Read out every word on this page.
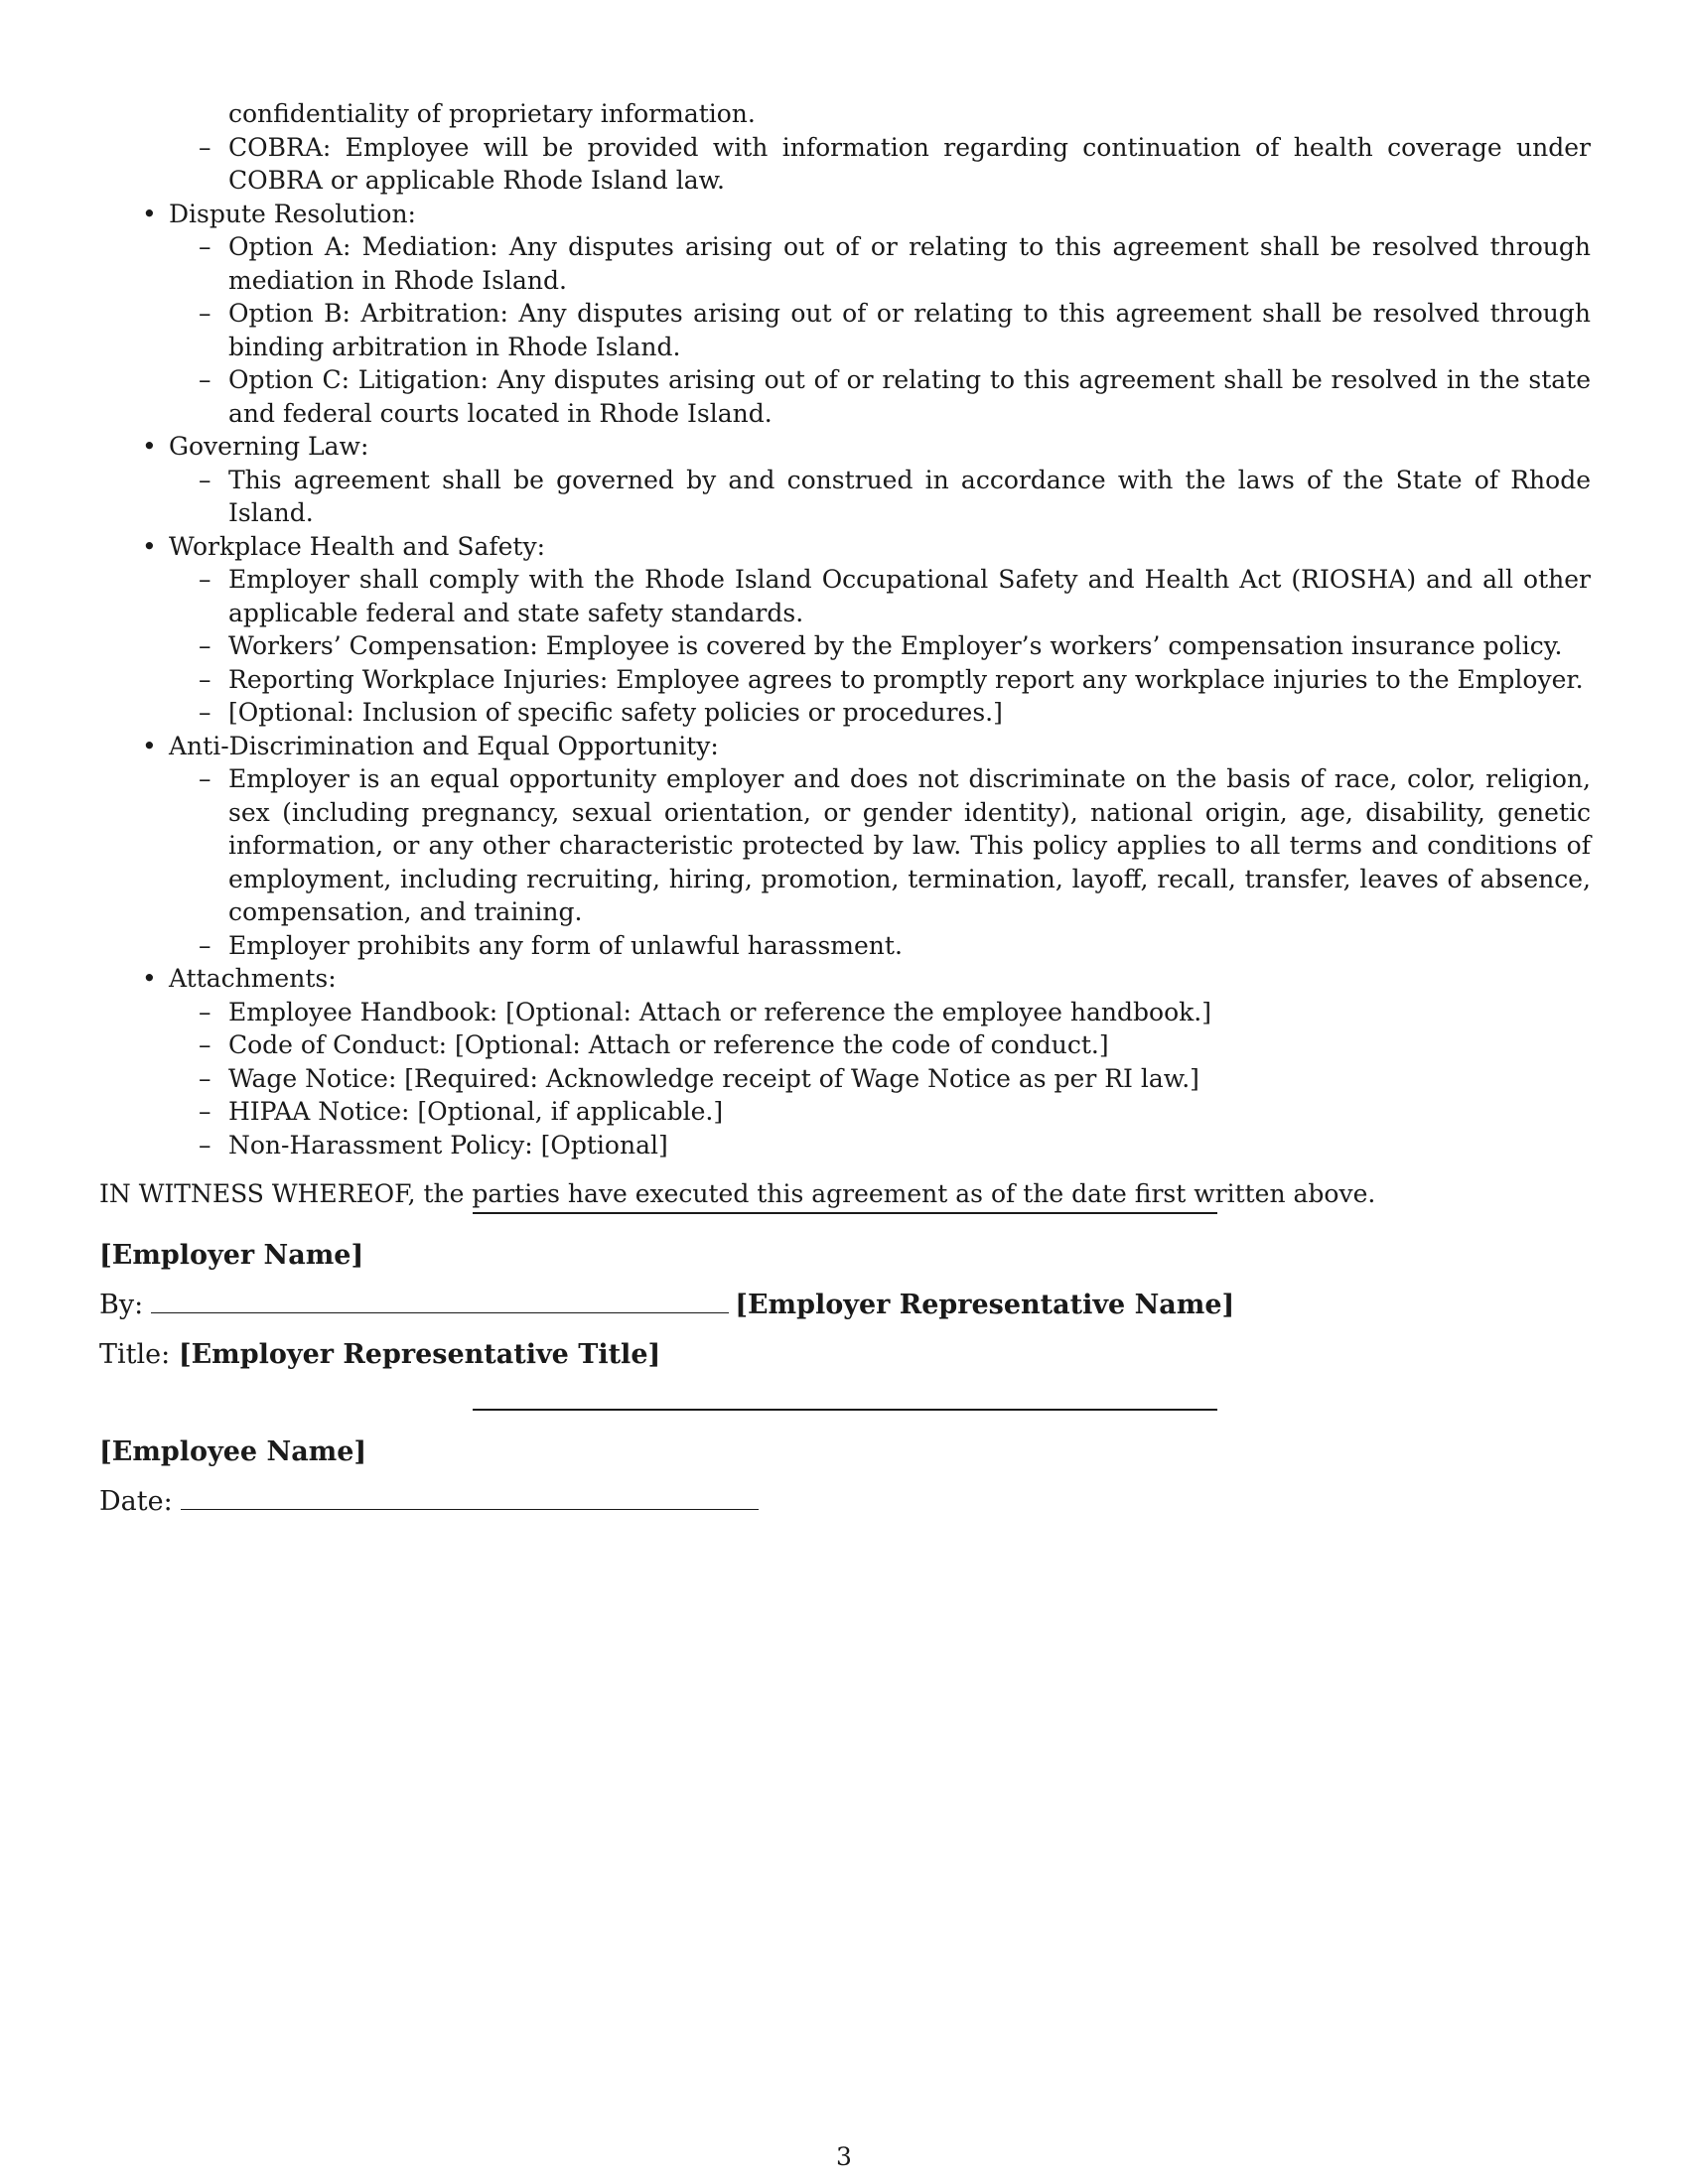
confidentiality of proprietary information.

– COBRA: Employee will be provided with information regarding continuation of health coverage under COBRA or applicable Rhode Island law.

• Dispute Resolution:

– Option A: Mediation: Any disputes arising out of or relating to this agreement shall be resolved through mediation in Rhode Island.

– Option B: Arbitration: Any disputes arising out of or relating to this agreement shall be resolved through binding arbitration in Rhode Island.

– Option C: Litigation: Any disputes arising out of or relating to this agreement shall be resolved in the state and federal courts located in Rhode Island.

• Governing Law:

– This agreement shall be governed by and construed in accordance with the laws of the State of Rhode Island.

• Workplace Health and Safety:

– Employer shall comply with the Rhode Island Occupational Safety and Health Act (RIOSHA) and all other applicable federal and state safety standards.

– Workers’ Compensation: Employee is covered by the Employer’s workers’ compensation insurance policy.

– Reporting Workplace Injuries: Employee agrees to promptly report any workplace injuries to the Employer.

– [Optional: Inclusion of specific safety policies or procedures.]

• Anti-Discrimination and Equal Opportunity:

– Employer is an equal opportunity employer and does not discriminate on the basis of race, color, religion, sex (including pregnancy, sexual orientation, or gender identity), national origin, age, disability, genetic information, or any other characteristic protected by law. This policy applies to all terms and conditions of employment, including recruiting, hiring, promotion, termination, layoff, recall, transfer, leaves of absence, compensation, and training.

– Employer prohibits any form of unlawful harassment.

• Attachments:

– Employee Handbook: [Optional: Attach or reference the employee handbook.]

– Code of Conduct: [Optional: Attach or reference the code of conduct.]

– Wage Notice: [Required: Acknowledge receipt of Wage Notice as per RI law.]

– HIPAA Notice: [Optional, if applicable.]

– Non-Harassment Policy: [Optional]

IN WITNESS WHEREOF, the parties have executed this agreement as of the date first written above.

[Employer Name]
By:	[Employer Representative Name]
Title: [Employer Representative Title]
[Employee Name]
Date:
3
